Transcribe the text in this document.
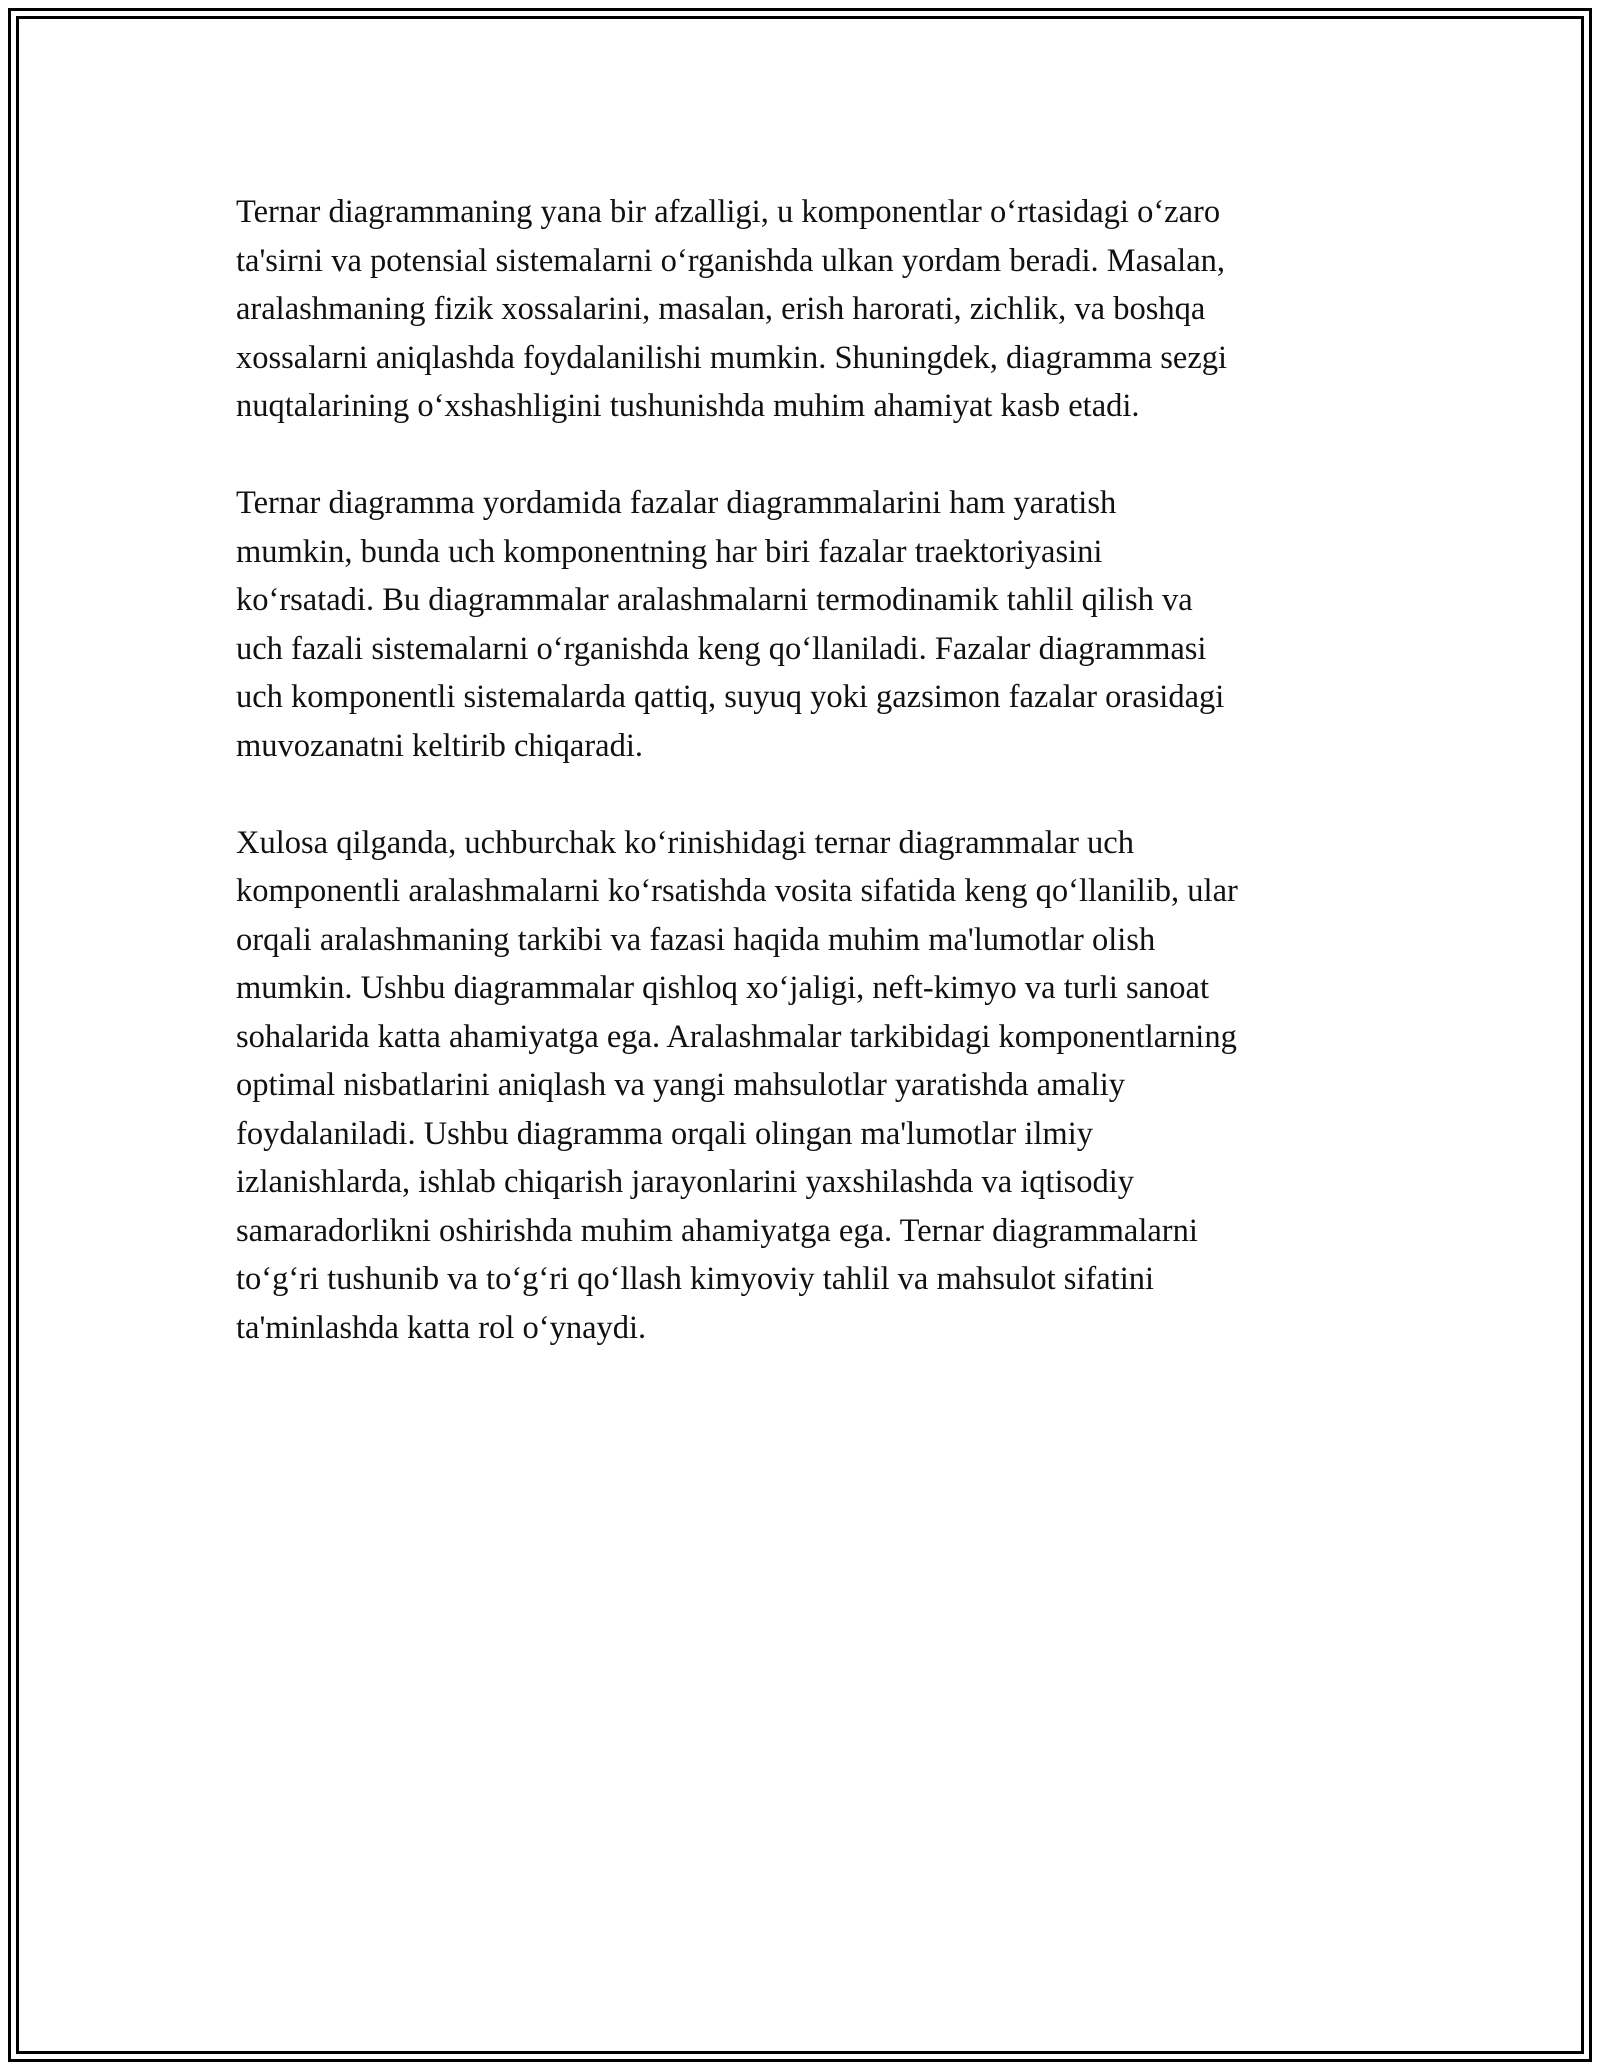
Ternar diagrammaning yana bir afzalligi, u komponentlar o‘rtasidagi o‘zaro
ta'sirni va potensial sistemalarni o‘rganishda ulkan yordam beradi. Masalan,
aralashmaning fizik xossalarini, masalan, erish harorati, zichlik, va boshqa
xossalarni aniqlashda foydalanilishi mumkin. Shuningdek, diagramma sezgi
nuqtalarining o‘xshashligini tushunishda muhim ahamiyat kasb etadi.

Ternar diagramma yordamida fazalar diagrammalarini ham yaratish
mumkin, bunda uch komponentning har biri fazalar traektoriyasini
ko‘rsatadi. Bu diagrammalar aralashmalarni termodinamik tahlil qilish va
uch fazali sistemalarni o‘rganishda keng qo‘llaniladi. Fazalar diagrammasi
uch komponentli sistemalarda qattiq, suyuq yoki gazsimon fazalar orasidagi
muvozanatni keltirib chiqaradi.

Xulosa qilganda, uchburchak ko‘rinishidagi ternar diagrammalar uch
komponentli aralashmalarni ko‘rsatishda vosita sifatida keng qo‘llanilib, ular
orqali aralashmaning tarkibi va fazasi haqida muhim ma'lumotlar olish
mumkin. Ushbu diagrammalar qishloq xo‘jaligi, neft-kimyo va turli sanoat
sohalarida katta ahamiyatga ega. Aralashmalar tarkibidagi komponentlarning
optimal nisbatlarini aniqlash va yangi mahsulotlar yaratishda amaliy
foydalaniladi. Ushbu diagramma orqali olingan ma'lumotlar ilmiy
izlanishlarda, ishlab chiqarish jarayonlarini yaxshilashda va iqtisodiy
samaradorlikni oshirishda muhim ahamiyatga ega. Ternar diagrammalarni
to‘g‘ri tushunib va to‘g‘ri qo‘llash kimyoviy tahlil va mahsulot sifatini
ta'minlashda katta rol o‘ynaydi.
